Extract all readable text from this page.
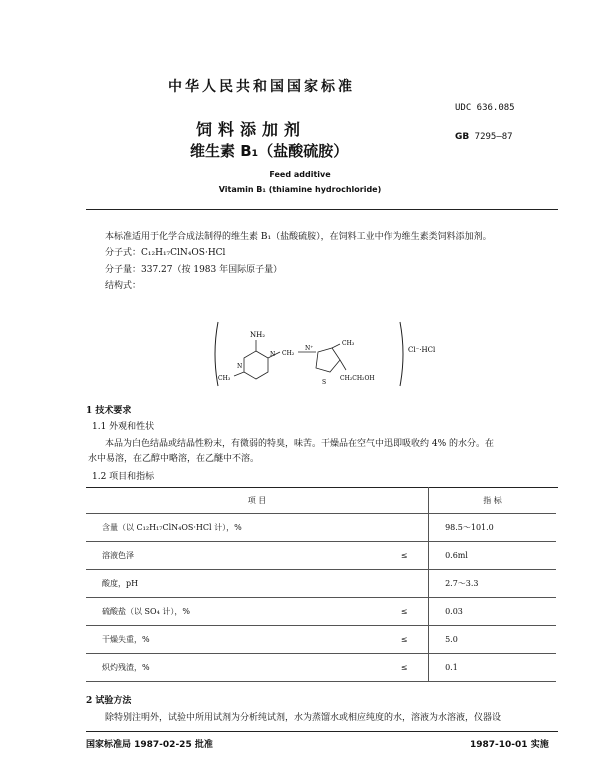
中华人民共和国国家标准
UDC 636.085
GB 7295—87
饲料添加剂
维生素 B₁（盐酸硫胺）
Feed additive
Vitamin B₁ (thiamine hydrochloride)
本标准适用于化学合成法制得的维生素 B₁（盐酸硫胺），在饲料工业中作为维生素类饲料添加剂。
分子式：C₁₂H₁₇ClN₄OS·HCl
分子量：337.27（按 1983 年国际原子量）
结构式：
NH₂
N
N
CH₃
CH₂
N⁺
CH₃
S
CH₂CH₂OH
Cl⁻·HCl
1 技术要求
1.1 外观和性状
本品为白色结晶或结晶性粉末，有微弱的特臭，味苦。干燥品在空气中迅即吸收约 4% 的水分。在
水中易溶，在乙醇中略溶，在乙醚中不溶。
1.2 项目和指标
项 目		指 标
含量（以 C₁₂H₁₇ClN₄OS·HCl 计），%		98.5～101.0
溶液色泽	≤	0.6ml
酸度，pH		2.7～3.3
硫酸盐（以 SO₄ 计），%	≤	0.03
干燥失重，%	≤	5.0
炽灼残渣，%	≤	0.1
2 试验方法
除特别注明外，试验中所用试剂为分析纯试剂，水为蒸馏水或相应纯度的水，溶液为水溶液，仪器设
国家标准局 1987-02-25 批准	1987-10-01 实施
